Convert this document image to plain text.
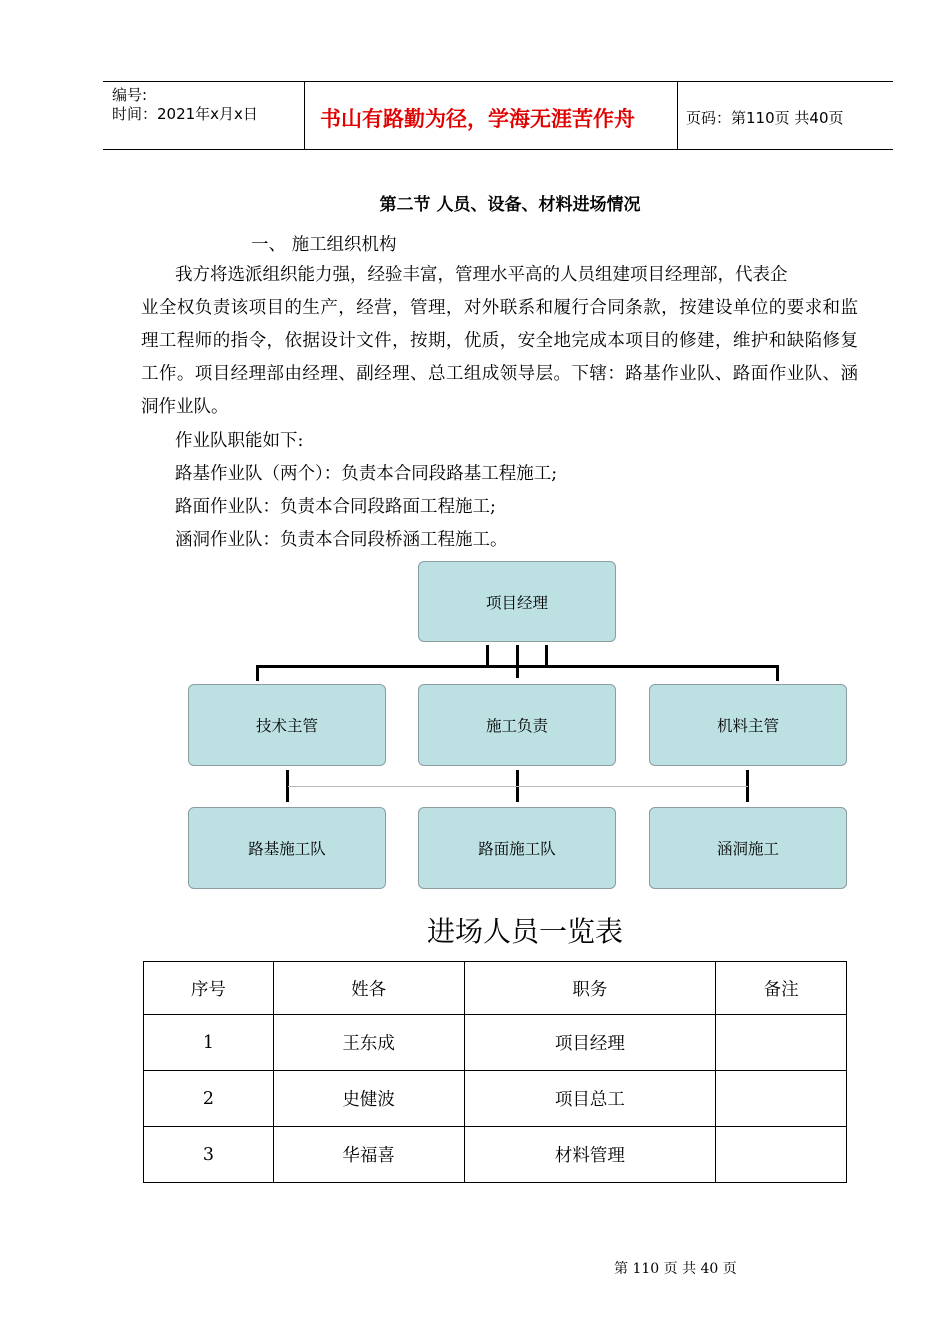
编号:
时间：2021年x月x日	书山有路勤为径，学海无涯苦作舟	页码：第110页 共40页
第二节 人员、设备、材料进场情况
一、 施工组织机构
我方将选派组织能力强，经验丰富，管理水平高的人员组建项目经理部，代表企
业全权负责该项目的生产，经营，管理，对外联系和履行合同条款，按建设单位的要求和监理工程师的指令，依据设计文件，按期，优质，安全地完成本项目的修建，维护和缺陷修复工作。项目经理部由经理、副经理、总工组成领导层。下辖：路基作业队、路面作业队、涵洞作业队。
作业队职能如下:
路基作业队（两个）：负责本合同段路基工程施工;
路面作业队：负责本合同段路面工程施工;
涵洞作业队：负责本合同段桥涵工程施工。
项目经理
技术主管	施工负责	机料主管
路基施工队	路面施工队	涵洞施工
进场人员一览表
序号	姓各	职务	备注
1	王东成	项目经理	
2	史健波	项目总工	
3	华福喜	材料管理	
第 110 页 共 40 页
